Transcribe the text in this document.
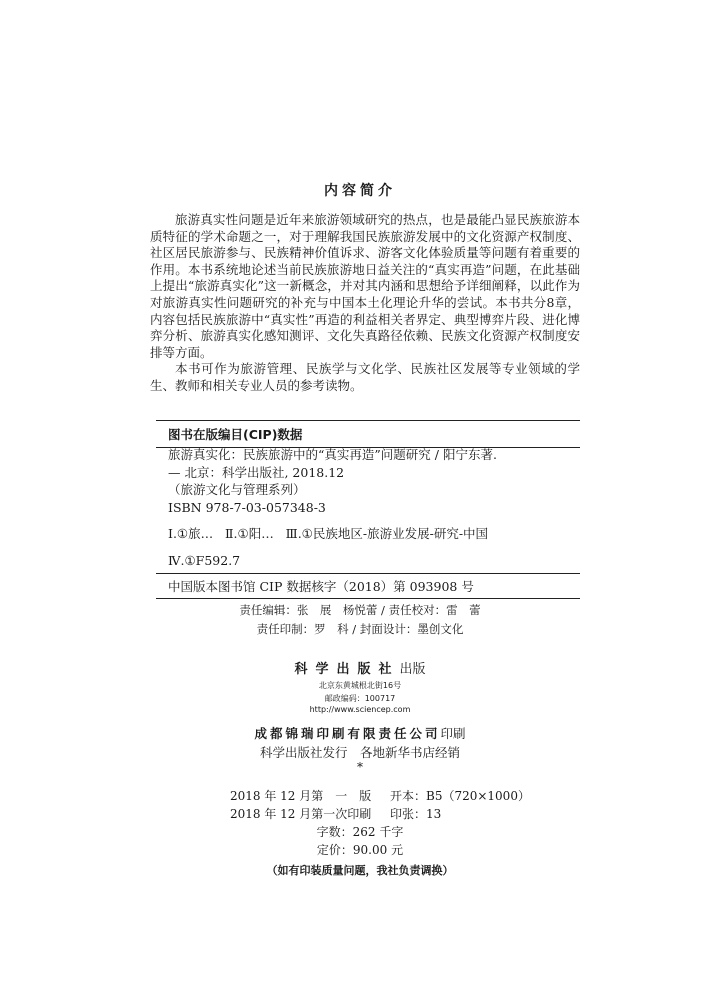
内容简介

旅游真实性问题是近年来旅游领域研究的热点，也是最能凸显民族旅游本质特征的学术命题之一，对于理解我国民族旅游发展中的文化资源产权制度、社区居民旅游参与、民族精神价值诉求、游客文化体验质量等问题有着重要的作用。本书系统地论述当前民族旅游地日益关注的“真实再造”问题，在此基础上提出“旅游真实化”这一新概念，并对其内涵和思想给予详细阐释，以此作为对旅游真实性问题研究的补充与中国本土化理论升华的尝试。本书共分8章，内容包括民族旅游中“真实性”再造的利益相关者界定、典型博弈片段、进化博弈分析、旅游真实化感知测评、文化失真路径依赖、民族文化资源产权制度安排等方面。

本书可作为旅游管理、民族学与文化学、民族社区发展等专业领域的学生、教师和相关专业人员的参考读物。

图书在版编目(CIP)数据
旅游真实化：民族旅游中的“真实再造”问题研究 / 阳宁东著.
— 北京：科学出版社, 2018.12
（旅游文化与管理系列）
ISBN 978-7-03-057348-3
Ⅰ.①旅…   Ⅱ.①阳…   Ⅲ.①民族地区-旅游业发展-研究-中国
Ⅳ.①F592.7
中国版本图书馆 CIP 数据核字（2018）第 093908 号
责任编辑：张　展　杨悦蕾 / 责任校对：雷　蕾
责任印制：罗　科 / 封面设计：墨创文化
科学出版社出版
北京东黄城根北街16号
邮政编码：100717
http://www.sciencep.com
成都锦瑞印刷有限责任公司印刷
科学出版社发行　各地新华书店经销
*
2018 年 12 月第　一　版 开本：B5（720×1000）
2018 年 12 月第一次印刷 印张：13
字数：262 千字
定价：90.00 元
（如有印装质量问题，我社负责调换）
